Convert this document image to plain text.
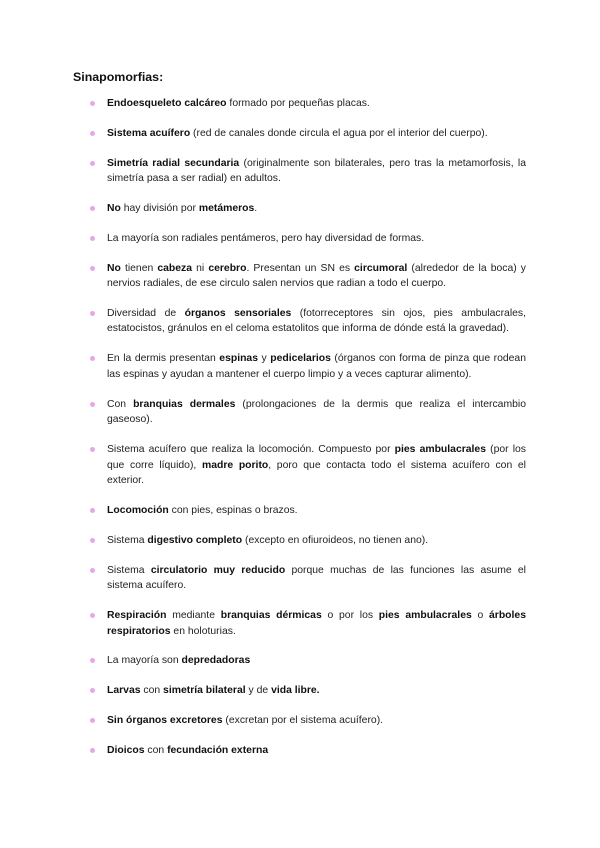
Sinapomorfias:
Endoesqueleto calcáreo formado por pequeñas placas.
Sistema acuífero (red de canales donde circula el agua por el interior del cuerpo).
Simetría radial secundaria (originalmente son bilaterales, pero tras la metamorfosis, la simetría pasa a ser radial) en adultos.
No hay división por metámeros.
La mayoría son radiales pentámeros, pero hay diversidad de formas.
No tienen cabeza ni cerebro. Presentan un SN es circumoral (alrededor de la boca) y nervios radiales, de ese circulo salen nervios que radian a todo el cuerpo.
Diversidad de órganos sensoriales (fotorreceptores sin ojos, pies ambulacrales, estatocistos, gránulos en el celoma estatolitos que informa de dónde está la gravedad).
En la dermis presentan espinas y pedicelarios (órganos con forma de pinza que rodean las espinas y ayudan a mantener el cuerpo limpio y a veces capturar alimento).
Con branquias dermales (prolongaciones de la dermis que realiza el intercambio gaseoso).
Sistema acuífero que realiza la locomoción. Compuesto por pies ambulacrales (por los que corre líquido), madre porito, poro que contacta todo el sistema acuífero con el exterior.
Locomoción con pies, espinas o brazos.
Sistema digestivo completo (excepto en ofiuroideos, no tienen ano).
Sistema circulatorio muy reducido porque muchas de las funciones las asume el sistema acuífero.
Respiración mediante branquias dérmicas o por los pies ambulacrales o árboles respiratorios en holoturias.
La mayoría son depredadoras
Larvas con simetría bilateral y de vida libre.
Sin órganos excretores (excretan por el sistema acuífero).
Dioicos con fecundación externa
